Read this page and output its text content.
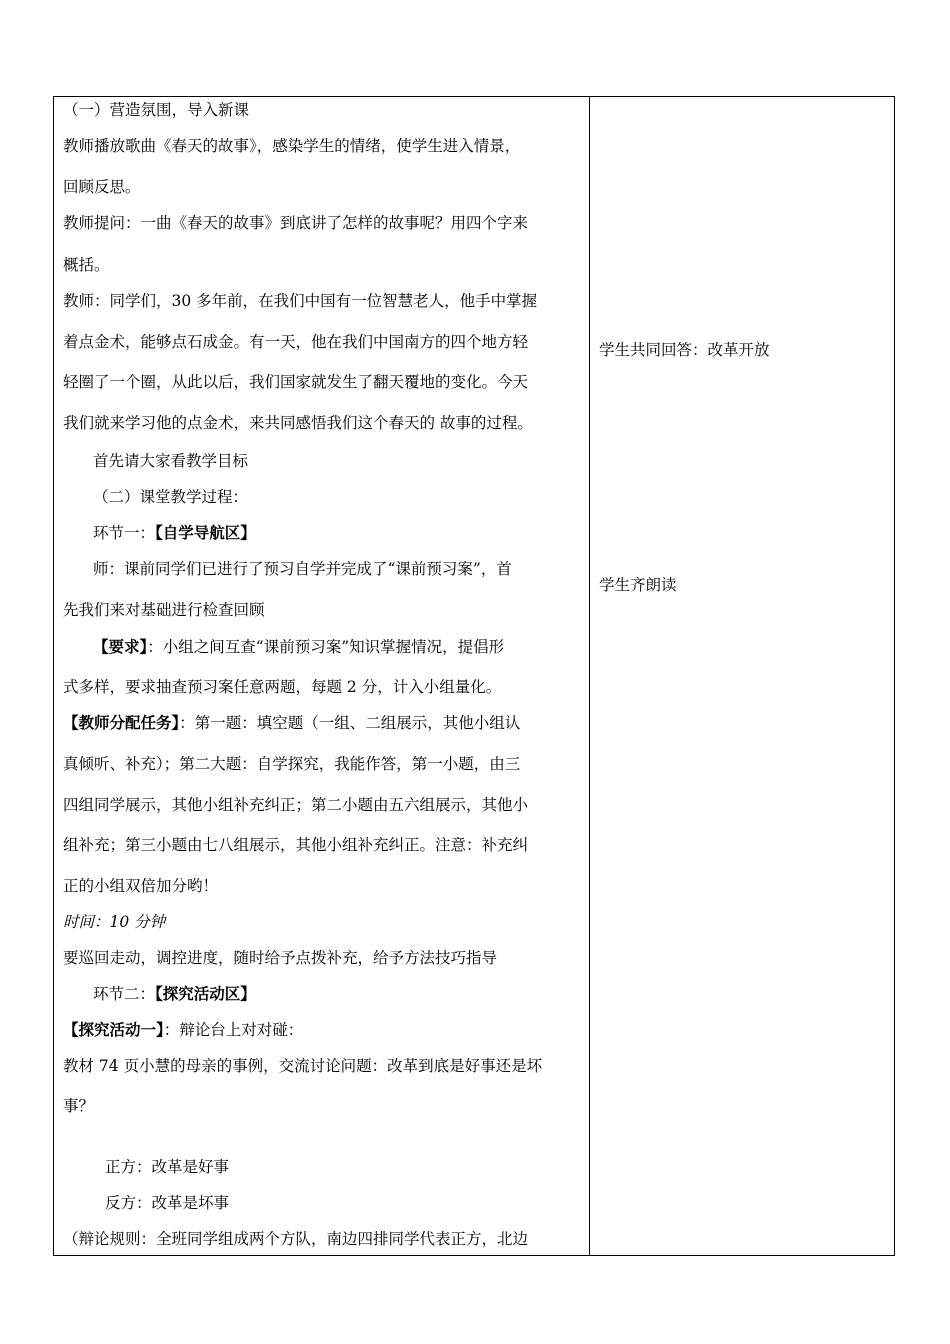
（一）营造氛围，导入新课
教师播放歌曲《春天的故事》，感染学生的情绪，使学生进入情景，
回顾反思。
教师提问：一曲《春天的故事》到底讲了怎样的故事呢？用四个字来
概括。
教师：同学们，30 多年前，在我们中国有一位智慧老人，他手中掌握
着点金术，能够点石成金。有一天，他在我们中国南方的四个地方轻
轻圈了一个圈，从此以后，我们国家就发生了翻天覆地的变化。今天
我们就来学习他的点金术，来共同感悟我们这个春天的 故事的过程。
首先请大家看教学目标
（二）课堂教学过程：
环节一：【自学导航区】
师：课前同学们已进行了预习自学并完成了“课前预习案”，首
先我们来对基础进行检查回顾
【要求】：小组之间互查“课前预习案”知识掌握情况，提倡形
式多样，要求抽查预习案任意两题，每题 2 分，计入小组量化。
【教师分配任务】：第一题：填空题（一组、二组展示，其他小组认
真倾听、补充）；第二大题：自学探究，我能作答，第一小题，由三
四组同学展示，其他小组补充纠正；第二小题由五六组展示，其他小
组补充；第三小题由七八组展示，其他小组补充纠正。注意：补充纠
正的小组双倍加分哟！
时间：10 分钟
要巡回走动，调控进度，随时给予点拨补充，给予方法技巧指导
环节二：【探究活动区】
【探究活动一】：辩论台上对对碰：
教材 74 页小慧的母亲的事例，交流讨论问题：改革到底是好事还是坏
事？
正方：改革是好事
反方：改革是坏事
（辩论规则：全班同学组成两个方队，南边四排同学代表正方，北边
学生共同回答：改革开放
学生齐朗读
